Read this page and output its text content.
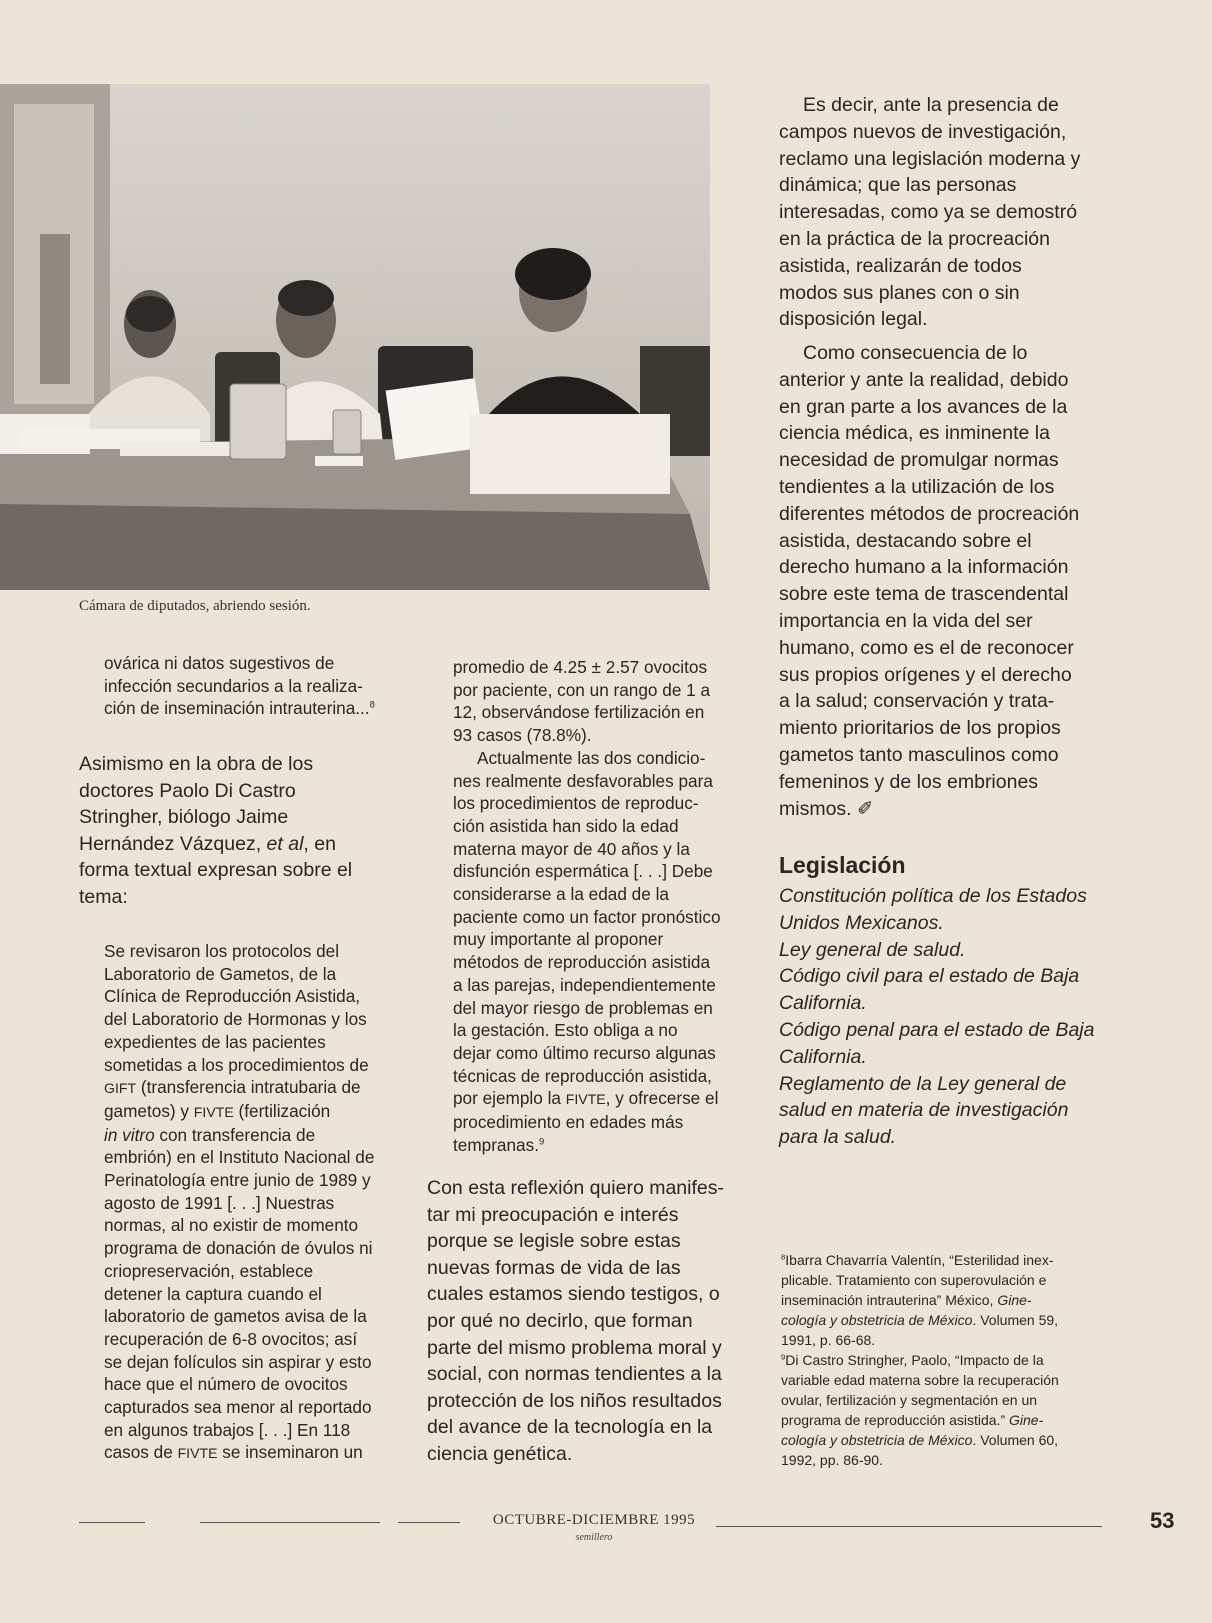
Cámara de diputados, abriendo sesión.

ovárica ni datos sugestivos de

infección secundarios a la realiza-

ción de inseminación intrauterina...$^8$

Asimismo en la obra de los

doctores Paolo Di Castro

Stringher, biólogo Jaime

Hernández Vázquez, et al, en

forma textual expresan sobre el

tema:

Se revisaron los protocolos del

Laboratorio de Gametos, de la

Clínica de Reproducción Asistida,

del Laboratorio de Hormonas y los

expedientes de las pacientes

sometidas a los procedimientos de

GIFT (transferencia intratubaria de

gametos) y FIVTE (fertilización

in vitro con transferencia de

embrión) en el Instituto Nacional de

Perinatología entre junio de 1989 y

agosto de 1991 [. . .] Nuestras

normas, al no existir de momento

programa de donación de óvulos ni

criopreservación, establece

detener la captura cuando el

laboratorio de gametos avisa de la

recuperación de 6-8 ovocitos; así

se dejan folículos sin aspirar y esto

hace que el número de ovocitos

capturados sea menor al reportado

en algunos trabajos [. . .] En 118

casos de FIVTE se inseminaron un

promedio de 4.25 ± 2.57 ovocitos

por paciente, con un rango de 1 a

12, observándose fertilización en

93 casos (78.8%).

Actualmente las dos condicio-

nes realmente desfavorables para

los procedimientos de reproduc-

ción asistida han sido la edad

materna mayor de 40 años y la

disfunción espermática [. . .] Debe

considerarse a la edad de la

paciente como un factor pronóstico

muy importante al proponer

métodos de reproducción asistida

a las parejas, independientemente

del mayor riesgo de problemas en

la gestación. Esto obliga a no

dejar como último recurso algunas

técnicas de reproducción asistida,

por ejemplo la FIVTE, y ofrecerse el

procedimiento en edades más

tempranas.$^9$

Con esta reflexión quiero manifes-

tar mi preocupación e interés

porque se legisle sobre estas

nuevas formas de vida de las

cuales estamos siendo testigos, o

por qué no decirlo, que forman

parte del mismo problema moral y

social, con normas tendientes a la

protección de los niños resultados

del avance de la tecnología en la

ciencia genética.

Es decir, ante la presencia de

campos nuevos de investigación,

reclamo una legislación moderna y

dinámica; que las personas

interesadas, como ya se demostró

en la práctica de la procreación

asistida, realizarán de todos

modos sus planes con o sin

disposición legal.

Como consecuencia de lo

anterior y ante la realidad, debido

en gran parte a los avances de la

ciencia médica, es inminente la

necesidad de promulgar normas

tendientes a la utilización de los

diferentes métodos de procreación

asistida, destacando sobre el

derecho humano a la información

sobre este tema de trascendental

importancia en la vida del ser

humano, como es el de reconocer

sus propios orígenes y el derecho

a la salud; conservación y trata-

miento prioritarios de los propios

gametos tanto masculinos como

femeninos y de los embriones

mismos. ✐

Legislación

Constitución política de los Estados

Unidos Mexicanos.

Ley general de salud.

Código civil para el estado de Baja

California.

Código penal para el estado de Baja

California.

Reglamento de la Ley general de

salud en materia de investigación

para la salud.

$^8$Ibarra Chavarría Valentín, “Esterilidad inex-

plicable. Tratamiento con superovulación e

inseminación intrauterina” México, Gine-

cología y obstetricia de México. Volumen 59,

1991, p. 66-68.

$^9$Di Castro Stringher, Paolo, “Impacto de la

variable edad materna sobre la recuperación

ovular, fertilización y segmentación en un

programa de reproducción asistida.” Gine-

cología y obstetricia de México. Volumen 60,

1992, pp. 86-90.

OCTUBRE-DICIEMBRE 1995
semillero
53
